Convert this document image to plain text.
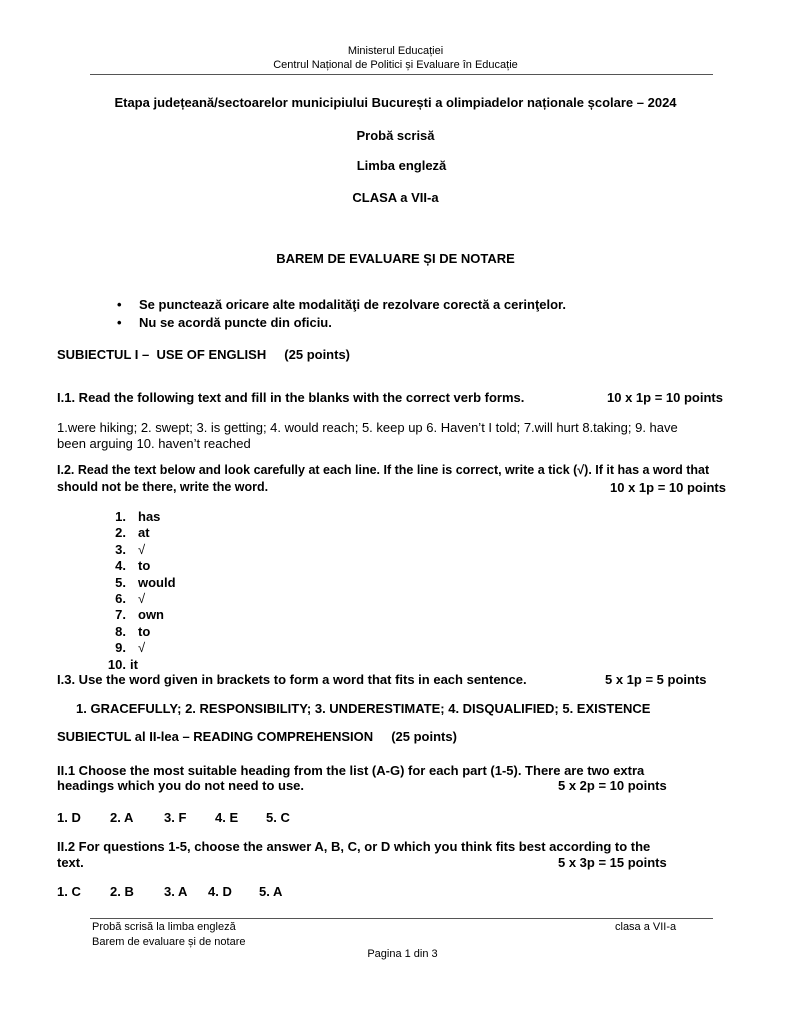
Ministerul Educației
Centrul Național de Politici și Evaluare în Educație
Etapa județeană/sectoarelor municipiului București a olimpiadelor naționale școlare – 2024
Probă scrisă
Limba engleză
CLASA a VII-a
BAREM DE EVALUARE ȘI DE NOTARE
• Se punctează oricare alte modalităţi de rezolvare corectă a cerinţelor.
• Nu se acordă puncte din oficiu.
SUBIECTUL I –  USE OF ENGLISH     (25 points)
I.1. Read the following text and fill in the blanks with the correct verb forms.	10 x 1p = 10 points
1.were hiking; 2. swept; 3. is getting; 4. would reach; 5. keep up 6. Haven’t I told; 7.will hurt 8.taking; 9. have
been arguing 10. haven’t reached
I.2. Read the text below and look carefully at each line. If the line is correct, write a tick (√). If it has a word that
should not be there, write the word.	10 x 1p = 10 points
1. has
2. at
3. √
4. to
5. would
6. √
7. own
8. to
9. √
10. it
I.3. Use the word given in brackets to form a word that fits in each sentence.	5 x 1p = 5 points
1. GRACEFULLY; 2. RESPONSIBILITY; 3. UNDERESTIMATE; 4. DISQUALIFIED; 5. EXISTENCE
SUBIECTUL al II-lea – READING COMPREHENSION     (25 points)
II.1 Choose the most suitable heading from the list (A-G) for each part (1-5). There are two extra
headings which you do not need to use.	5 x 2p = 10 points
1. D	2. A	3. F	4. E	5. C
II.2 For questions 1-5, choose the answer A, B, C, or D which you think fits best according to the
text.	5 x 3p = 15 points
1. C	2. B	3. A	4. D	5. A
Probă scrisă la limba engleză
Barem de evaluare și de notare
clasa a VII-a
Pagina 1 din 3
